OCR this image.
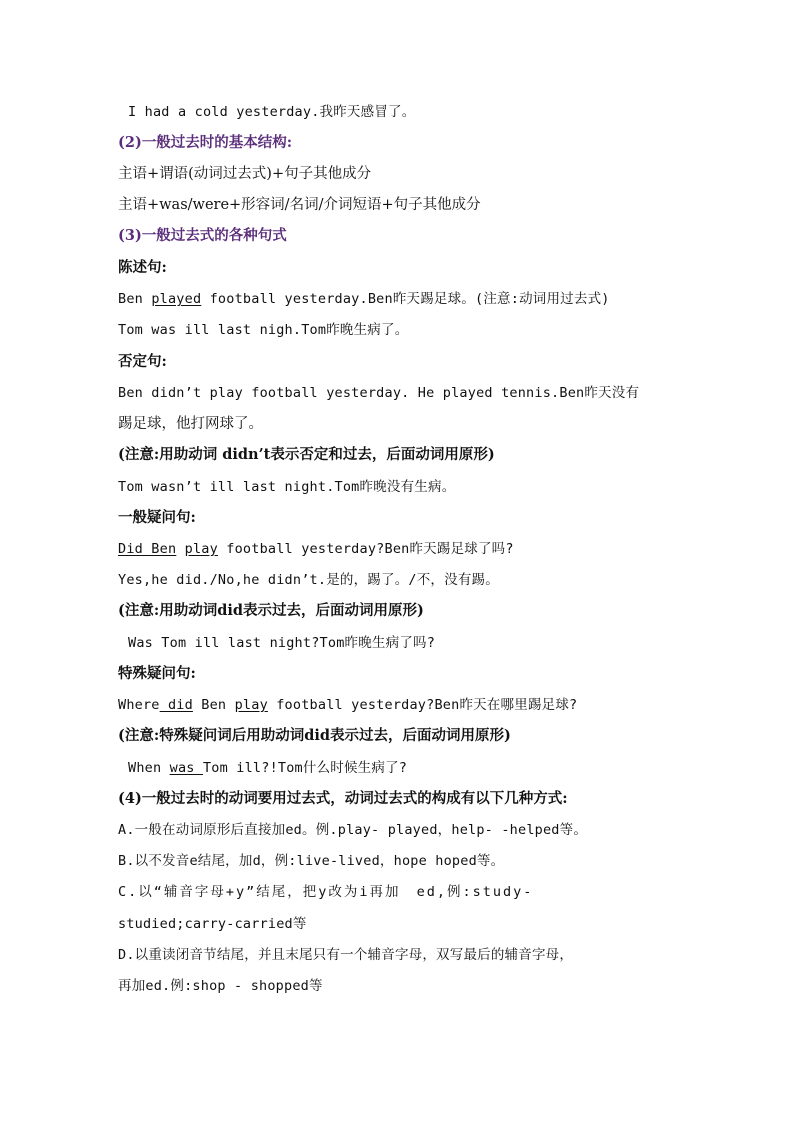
I had a cold yesterday.我昨天感冒了。
(2)一般过去时的基本结构:
主语+谓语(动词过去式)+句子其他成分
主语+was/were+形容词/名词/介词短语+句子其他成分
(3)一般过去式的各种句式
陈述句:
Ben played football yesterday.Ben昨天踢足球。(注意:动词用过去式)
Tom was ill last nigh.Tom昨晚生病了。
否定句:
Ben didn’t play football yesterday. He played tennis.Ben昨天没有
踢足球，他打网球了。
(注意:用助动词 didn’t表示否定和过去，后面动词用原形)
Tom wasn’t ill last night.Tom昨晚没有生病。
一般疑问句:
Did Ben play football yesterday?Ben昨天踢足球了吗?
Yes,he did./No,he didn’t.是的，踢了。/不，没有踢。
(注意:用助动词did表示过去，后面动词用原形)
Was Tom ill last night?Tom昨晚生病了吗?
特殊疑问句:
Where did Ben play football yesterday?Ben昨天在哪里踢足球?
(注意:特殊疑问词后用助动词did表示过去，后面动词用原形)
When was Tom ill?!Tom什么时候生病了?
(4)一般过去时的动词要用过去式，动词过去式的构成有以下几种方式:
A.一般在动词原形后直接加ed。例.play- played，help- -helped等。
B.以不发音e结尾，加d，例:live-lived，hope hoped等。
C.以“辅音字母+y”结尾，把y改为i再加 ed,例:study-
studied;carry-carried等
D.以重读闭音节结尾，并且末尾只有一个辅音字母，双写最后的辅音字母，
再加ed.例:shop - shopped等
